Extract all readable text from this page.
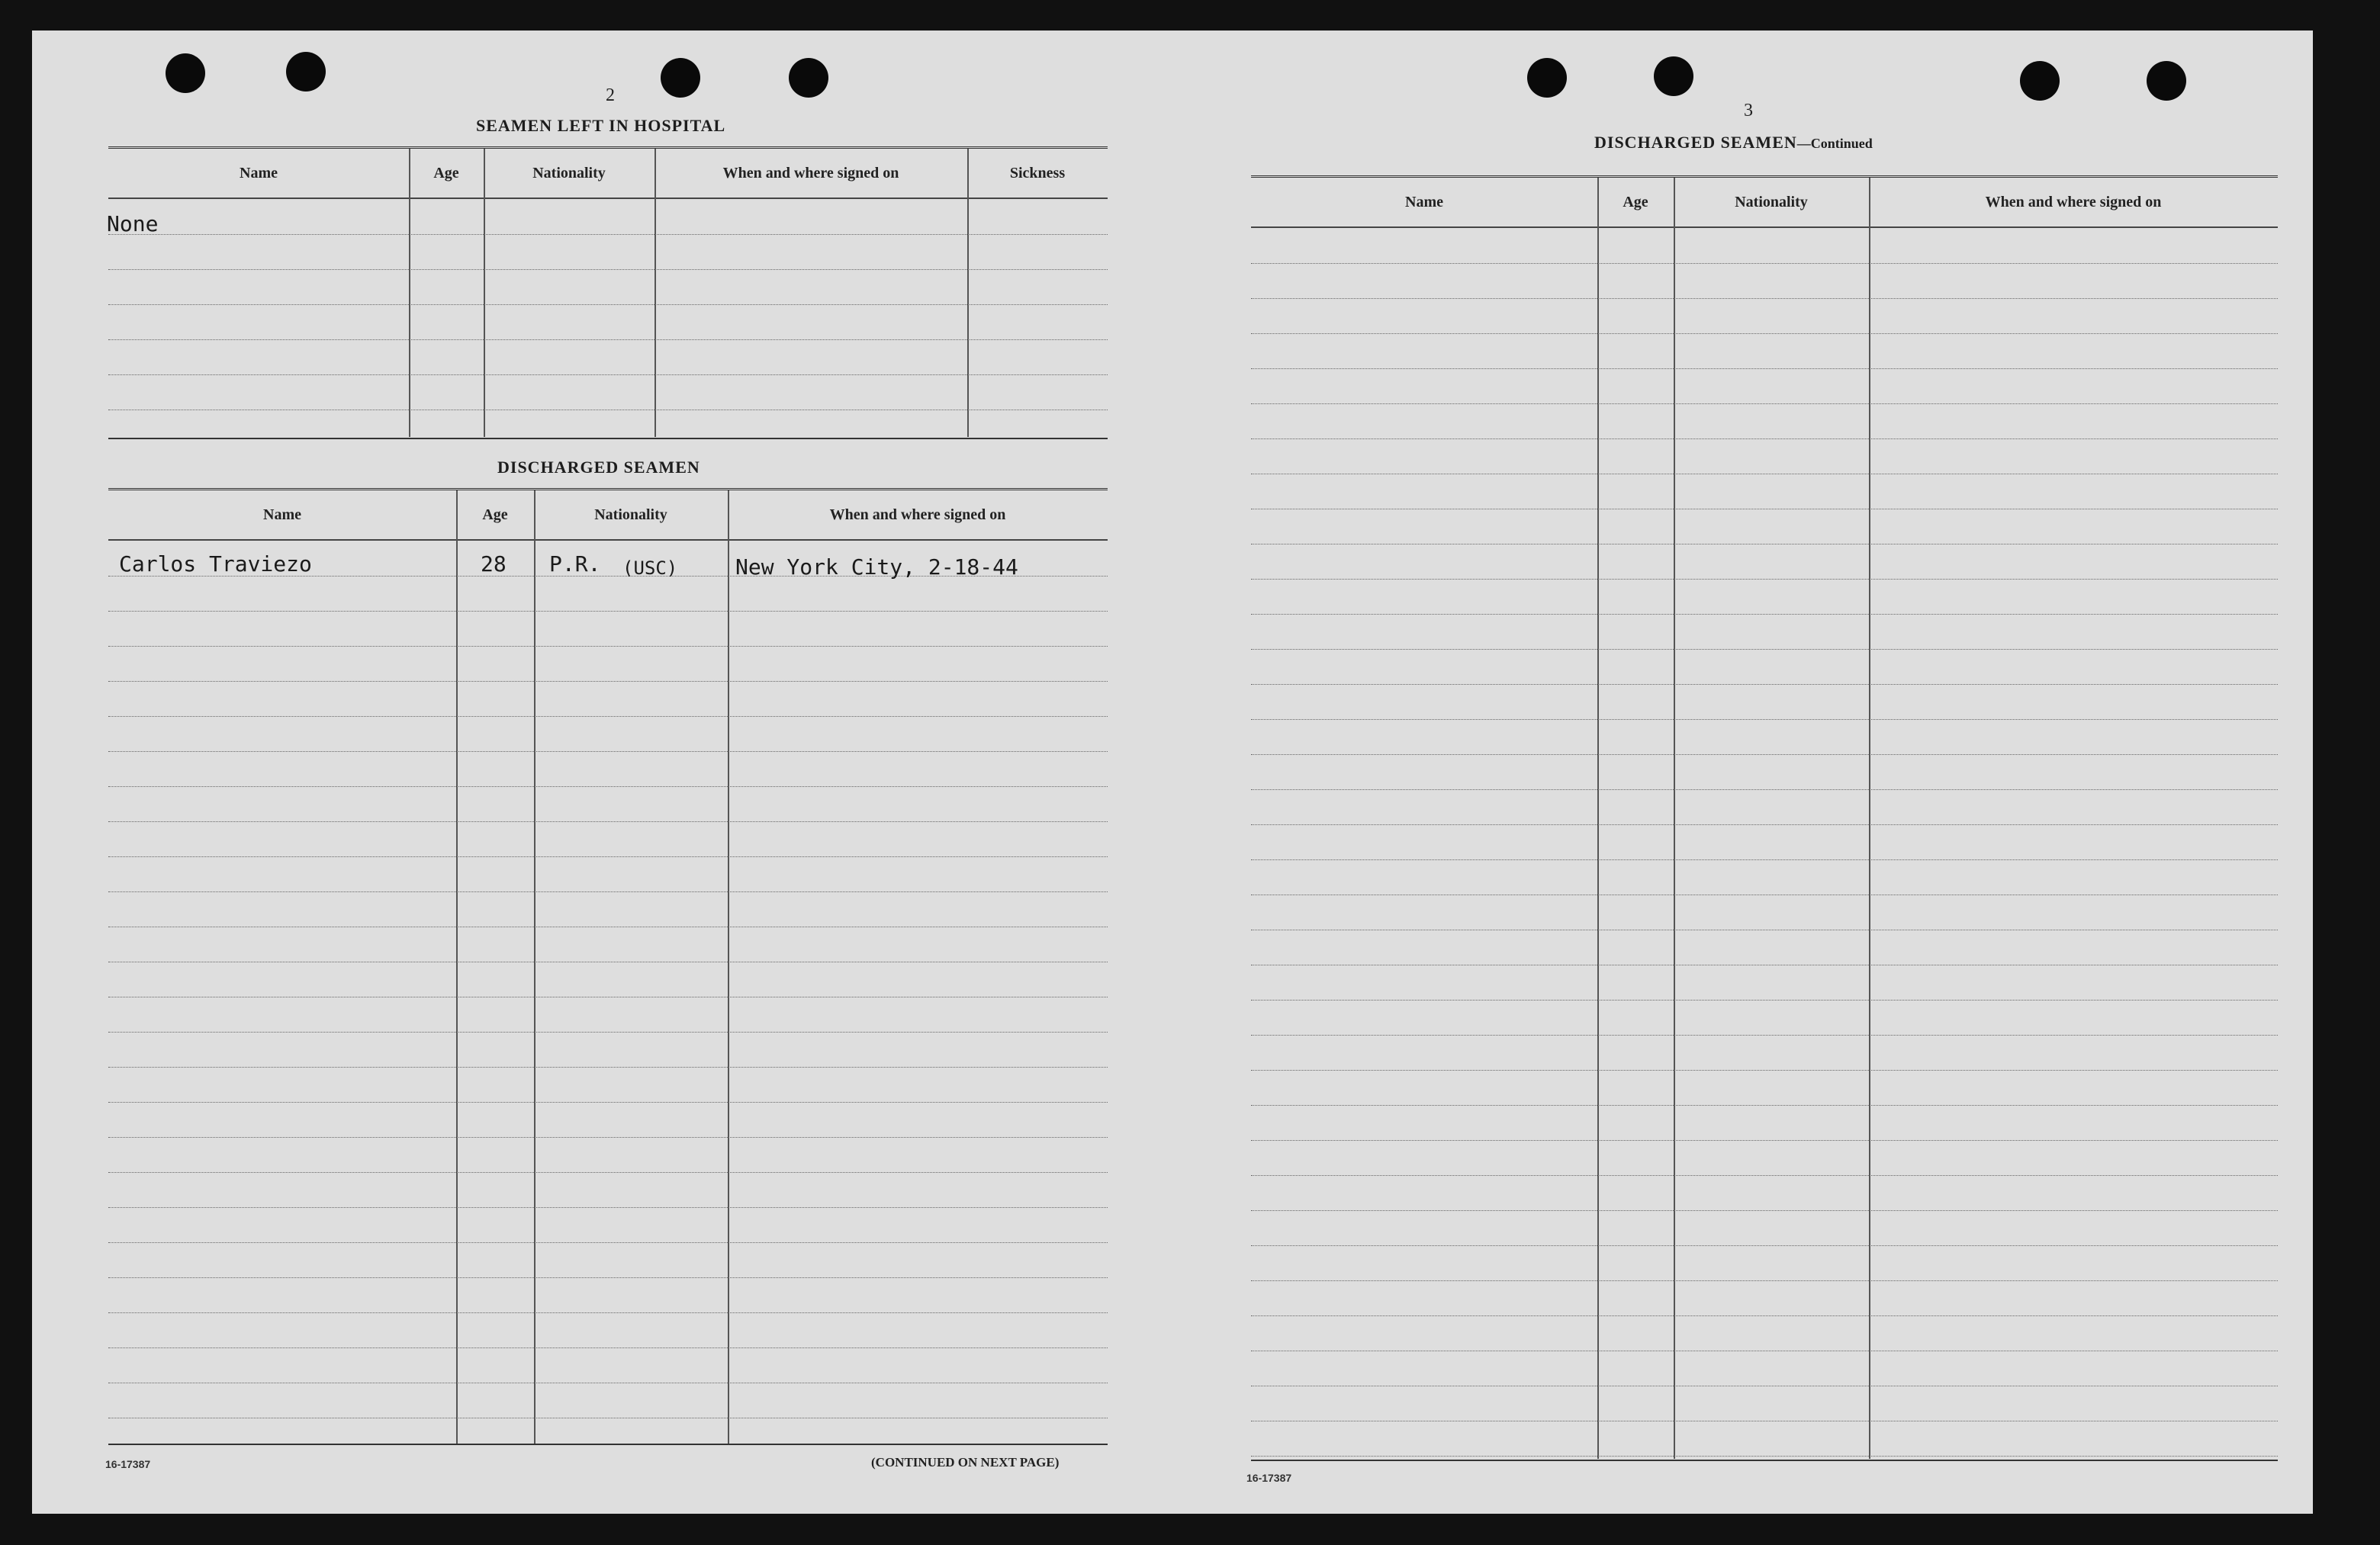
2
SEAMEN LEFT IN HOSPITAL
Name	Age	Nationality	When and where signed on	Sickness
None
DISCHARGED SEAMEN
Name	Age	Nationality	When and where signed on
Carlos Traviezo	28 P.R. (USC)	New York City, 2-18-44
16-17387	(CONTINUED ON NEXT PAGE)
3
DISCHARGED SEAMEN—Continued
Name	Age	Nationality	When and where signed on
16-17387
